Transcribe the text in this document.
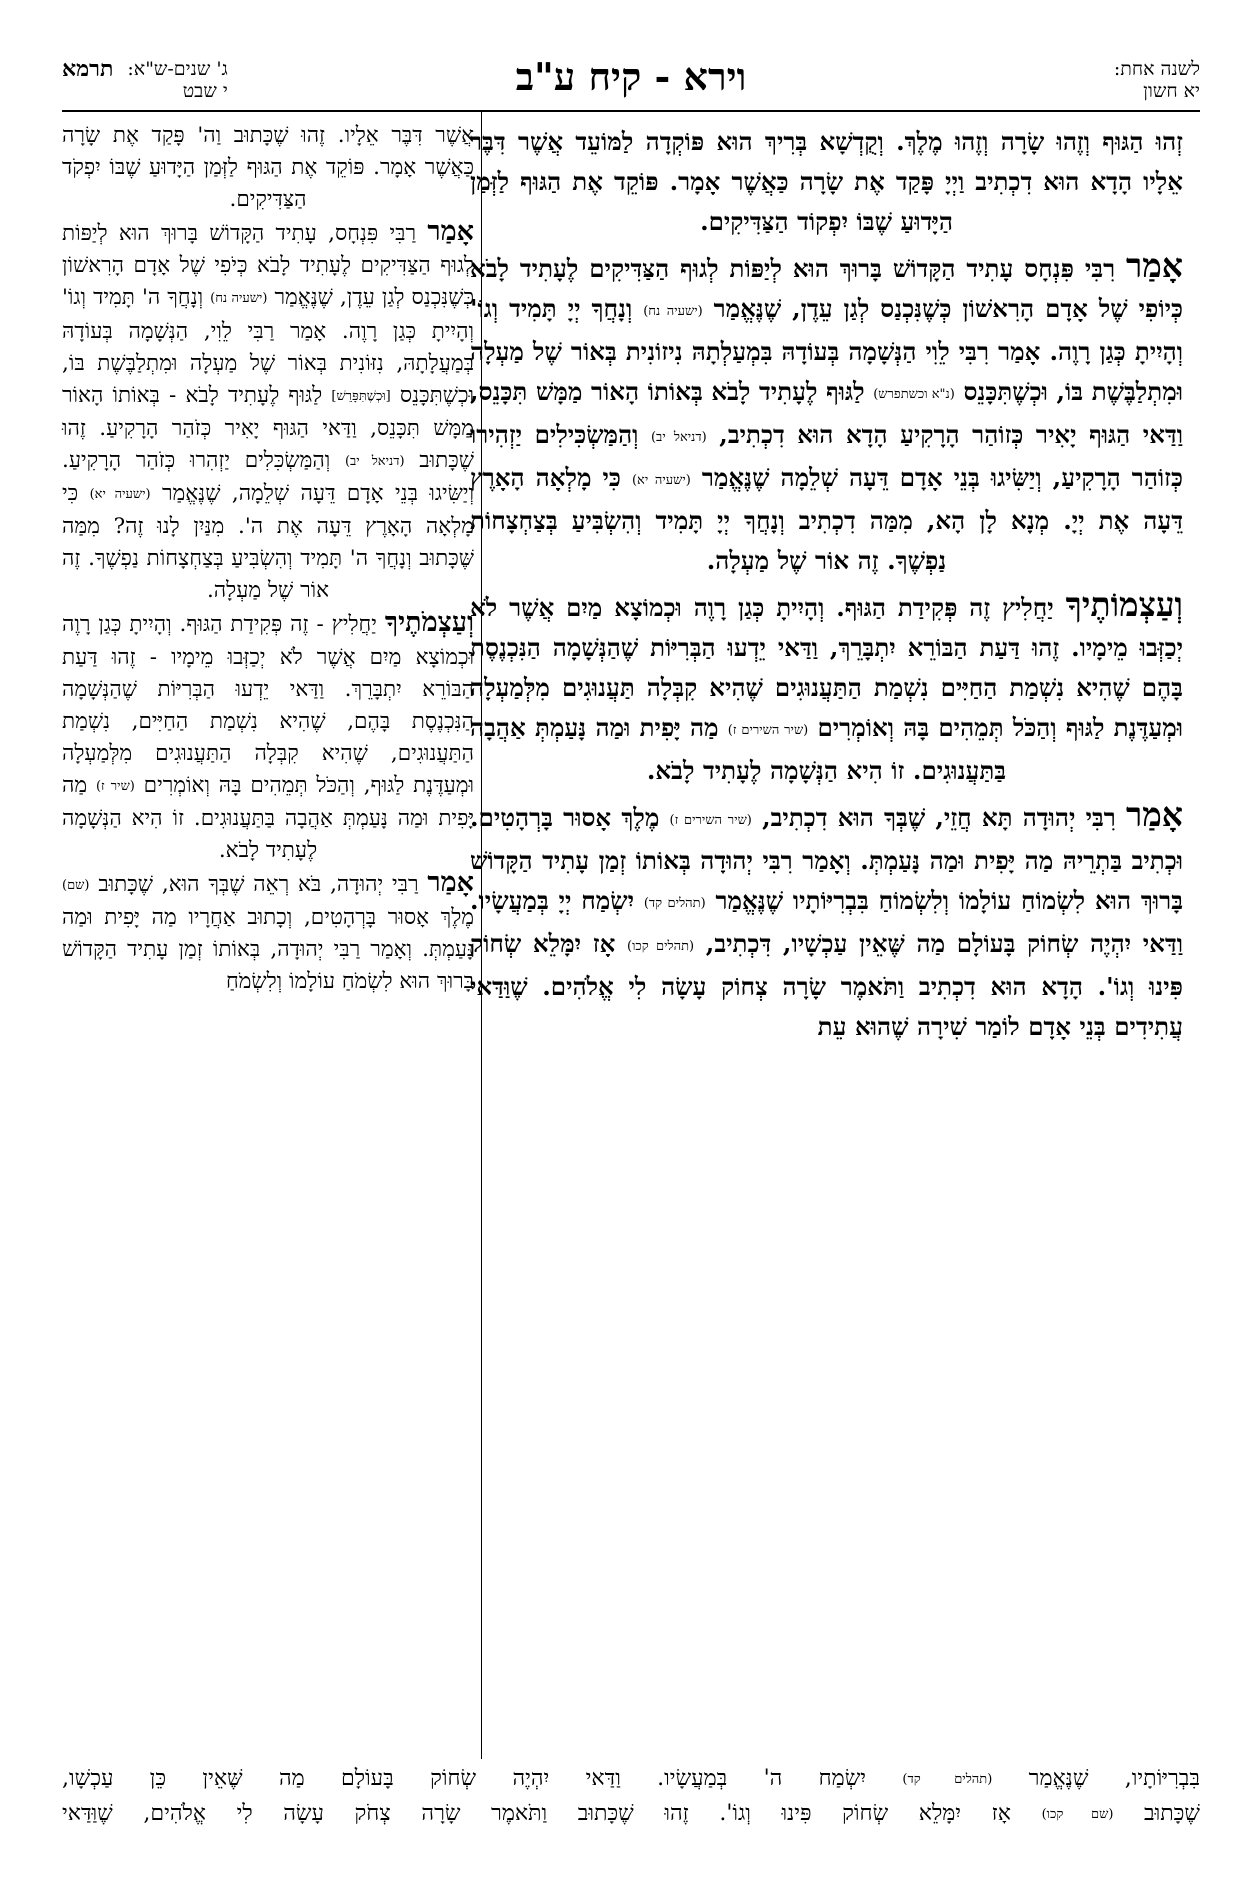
לשנה אחת:
יא חשון
וירא - קיח ע"ב
ג' שנים-ש"א:
י שבט
תרמא

זְהוּ הַגּוּף וְזֶהוּ שָׂרָה וְזֶהוּ מֶלֶךְ. וְקֻדְשָׁא בְּרִיךְ הוּא פּוֹקְדָה לַמּוֹעֵד אֲשֶׁר דִּבֶּר אֵלָיו הָדָא הוּא דִכְתִיב וַיְיָ פָּקַד אֶת שָׂרָה כַּאֲשֶׁר אָמָר. פּוֹקֵד אֶת הַגּוּף לַזְּמַן הַיָּדוּעַ שֶׁבּוֹ יִפְקוֹד הַצַּדִּיקִים.

אָמַר רִבִּי פִּנְחָס עָתִיד הַקָּדוֹשׁ בָּרוּךְ הוּא לְיַפּוֹת לְגוּף הַצַּדִּיקִים לֶעָתִיד לָבֹא כְּיוֹפִי שֶׁל אָדָם הָרִאשׁוֹן כְּשֶׁנִּכְנַס לְגַן עֵדֶן, שֶׁנֶּאֱמַר (ישעיה נח) וְנָחֲךָ יְיָ תָּמִיד וְגוֹ' וְהָיִיתָ כְּגַן רָוֶה. אָמַר רִבִּי לֵוִי הַנְּשָׁמָה בְּעוֹדָהּ בִּמְעַלְתָהּ נִיזוֹנִית בְּאוֹר שֶׁל מַעְלָה וּמִתְלַבֶּשֶׁת בּוֹ, וּכְשֶׁתִּכָּנֵס (נ"א וכשתפרש) לַגּוּף לֶעָתִיד לָבֹא בְּאוֹתוֹ הָאוֹר מַמָּשׁ תִּכָּנֵס, וַדַּאי הַגּוּף יָאִיר כְּזוֹהַר הָרָקִיעַ הָדָא הוּא דִכְתִיב, (דניאל יב) וְהַמַּשְׂכִּילִים יַזְהִירוּ כְּזוֹהַר הָרָקִיעַ, וְיַשִּׂיגוּ בְּנֵי אָדָם דֵּעָה שְׁלֵמָה שֶׁנֶּאֱמַר (ישעיה יא) כִּי מָלְאָה הָאָרֶץ דֵּעָה אֶת יְיָ. מְנָא לָן הָא, מִמַּה דִכְתִיב וְנָחֲךָ יְיָ תָּמִיד וְהִשְׂבִּיעַ בְּצַחְצָחוֹת נַפְשֶׁךָ. זֶה אוֹר שֶׁל מַעְלָה.

וְעַצְמוֹתֶיךָ יַחֲלִיץ זֶה פְּקִידַת הַגּוּף. וְהָיִיתָ כְּגַן רָוֶה וּכְמוֹצָא מַיִם אֲשֶׁר לֹא יְכַזְּבוּ מֵימָיו. זֶהוּ דַּעַת הַבּוֹרֵא יִתְבָּרֵךְ, וַדַּאי יֵדְעוּ הַבְּרִיּוֹת שֶׁהַנְּשָׁמָה הַנִּכְנֶסֶת בָּהֶם שֶׁהִיא נִשְׁמַת הַחַיִּים נִשְׁמַת הַתַּעֲנוּגִים שֶׁהִיא קִבְּלָה תַּעֲנוּגִים מִלְּמַעְלָה וּמְעַדֶּנֶת לַגּוּף וְהַכֹּל תְּמֵהִים בָּהּ וְאוֹמְרִים (שיר השירים ז) מַה יָּפִית וּמַה נָּעַמְתְּ אַהֲבָה בַּתַּעֲנוּגִים. זוֹ הִיא הַנְּשָׁמָה לֶעָתִיד לָבֹא.

אָמַר רִבִּי יְהוּדָה תָּא חֲזֵי, שֶׁבְּךָ הוּא דִכְתִיב, (שיר השירים ז) מֶלֶךְ אָסוּר בָּרְהָטִים. וּכְתִיב בַּתְרֵיהּ מַה יָּפִית וּמַה נָּעַמְתְּ. וְאָמַר רִבִּי יְהוּדָה בְּאוֹתוֹ זְמַן עָתִיד הַקָּדוֹשׁ בָּרוּךְ הוּא לִשְׂמוֹחַ עוֹלָמוֹ וְלִשְׂמוֹחַ בִּבְרִיּוֹתָיו שֶׁנֶּאֱמַר (תהלים קד) יִשְׂמַח יְיָ בְּמַעֲשָׂיו. וַדַּאי יִהְיֶה שְׂחוֹק בָּעוֹלָם מַה שֶּׁאֵין עַכְשָׁיו, דִּכְתִיב, (תהלים קכו) אָז יִמָּלֵא שְׂחוֹק פִּינוּ וְגוֹ'. הָדָא הוּא דִכְתִיב וַתֹּאמֶר שָׂרָה צְחוֹק עָשָׂה לִי אֱלֹהִים. שֶׁוַּדַּאי עֲתִידִים בְּנֵי אָדָם לוֹמַר שִׁירָה שֶׁהוּא עֵת

אֲשֶׁר דִּבֶּר אֵלָיו. זֶהוּ שֶׁכָּתוּב וַה' פָּקַד אֶת שָׂרָה כַּאֲשֶׁר אָמָר. פּוֹקֵד אֶת הַגּוּף לַזְּמַן הַיָּדוּעַ שֶׁבּוֹ יִפְקֹד הַצַּדִּיקִים.

אָמַר רַבִּי פִּנְחָס, עָתִיד הַקָּדוֹשׁ בָּרוּךְ הוּא לְיַפּוֹת לְגוּף הַצַּדִּיקִים לֶעָתִיד לָבֹא כְּיֹפִי שֶׁל אָדָם הָרִאשׁוֹן כְּשֶׁנִּכְנַס לְגַן עֵדֶן, שֶׁנֶּאֱמַר (ישעיה נח) וְנָחֲךָ ה' תָּמִיד וְגוֹ' וְהָיִיתָ כְּגַן רָוֶה. אָמַר רַבִּי לֵוִי, הַנְּשָׁמָה בְּעוֹדָהּ בְּמַעֲלָתָהּ, נִזּוֹנִית בְּאוֹר שֶׁל מַעְלָה וּמִתְלַבֶּשֶׁת בּוֹ, וּכְשֶׁתִּכָּנֵס [וּכְשֶׁתִּפָּרֵשׁ] לַגּוּף לֶעָתִיד לָבֹא - בְּאוֹתוֹ הָאוֹר מַמָּשׁ תִּכָּנֵס, וַדַּאי הַגּוּף יָאִיר כְּזֹהַר הָרָקִיעַ. זֶהוּ שֶׁכָּתוּב (דניאל יב) וְהַמַּשְׂכִּלִים יַזְהִרוּ כְּזֹהַר הָרָקִיעַ. וְיַשִּׂיגוּ בְּנֵי אָדָם דֵּעָה שְׁלֵמָה, שֶׁנֶּאֱמַר (ישעיה יא) כִּי מָלְאָה הָאָרֶץ דֵּעָה אֶת ה'. מִנַּיִן לָנוּ זֶה? מִמַּה שֶּׁכָּתוּב וְנָחֲךָ ה' תָּמִיד וְהִשְׂבִּיעַ בְּצַחְצָחוֹת נַפְשֶׁךָ. זֶה אוֹר שֶׁל מַעְלָה.

וְעַצְמֹתֶיךָ יַחֲלִיץ - זֶה פְּקִידַת הַגּוּף. וְהָיִיתָ כְּגַן רָוֶה וּכְמוֹצָא מַיִם אֲשֶׁר לֹא יְכַזְּבוּ מֵימָיו - זֶהוּ דַּעַת הַבּוֹרֵא יִתְבָּרֵךְ. וַדַּאי יֵדְעוּ הַבְּרִיּוֹת שֶׁהַנְּשָׁמָה הַנִּכְנֶסֶת בָּהֶם, שֶׁהִיא נִשְׁמַת הַחַיִּים, נִשְׁמַת הַתַּעֲנוּגִים, שֶׁהִיא קִבְּלָה הַתַּעֲנוּגִים מִלְּמַעְלָה וּמְעַדֶּנֶת לַגּוּף, וְהַכֹּל תְּמֵהִים בָּהּ וְאוֹמְרִים (שיר ז) מַה יָּפִית וּמַה נָּעַמְתְּ אַהֲבָה בַּתַּעֲנוּגִים. זוֹ הִיא הַנְּשָׁמָה לֶעָתִיד לָבֹא.

אָמַר רַבִּי יְהוּדָה, בֹּא רְאֵה שֶׁבְּךָ הוּא, שֶׁכָּתוּב (שם) מֶלֶךְ אָסוּר בָּרְהָטִים, וְכָתוּב אַחֲרָיו מַה יָּפִית וּמַה נָּעַמְתְּ. וְאָמַר רַבִּי יְהוּדָה, בְּאוֹתוֹ זְמַן עָתִיד הַקָּדוֹשׁ בָּרוּךְ הוּא לִשְׂמֹחַ עוֹלָמוֹ וְלִשְׂמֹחַ

בִּבְרִיּוֹתָיו, שֶׁנֶּאֱמַר (תהלים קד) יִשְׂמַח ה' בְּמַעֲשָׂיו. וַדַּאי יִהְיֶה שְׂחוֹק בָּעוֹלָם מַה שֶּׁאֵין כֵּן עַכְשָׁו,

שֶׁכָּתוּב (שם קכו) אָז יִמָּלֵא שְׂחוֹק פִּינוּ וְגוֹ'. זֶהוּ שֶׁכָּתוּב וַתֹּאמֶר שָׂרָה צְחֹק עָשָׂה לִי אֱלֹהִים, שֶׁוַּדַּאי
